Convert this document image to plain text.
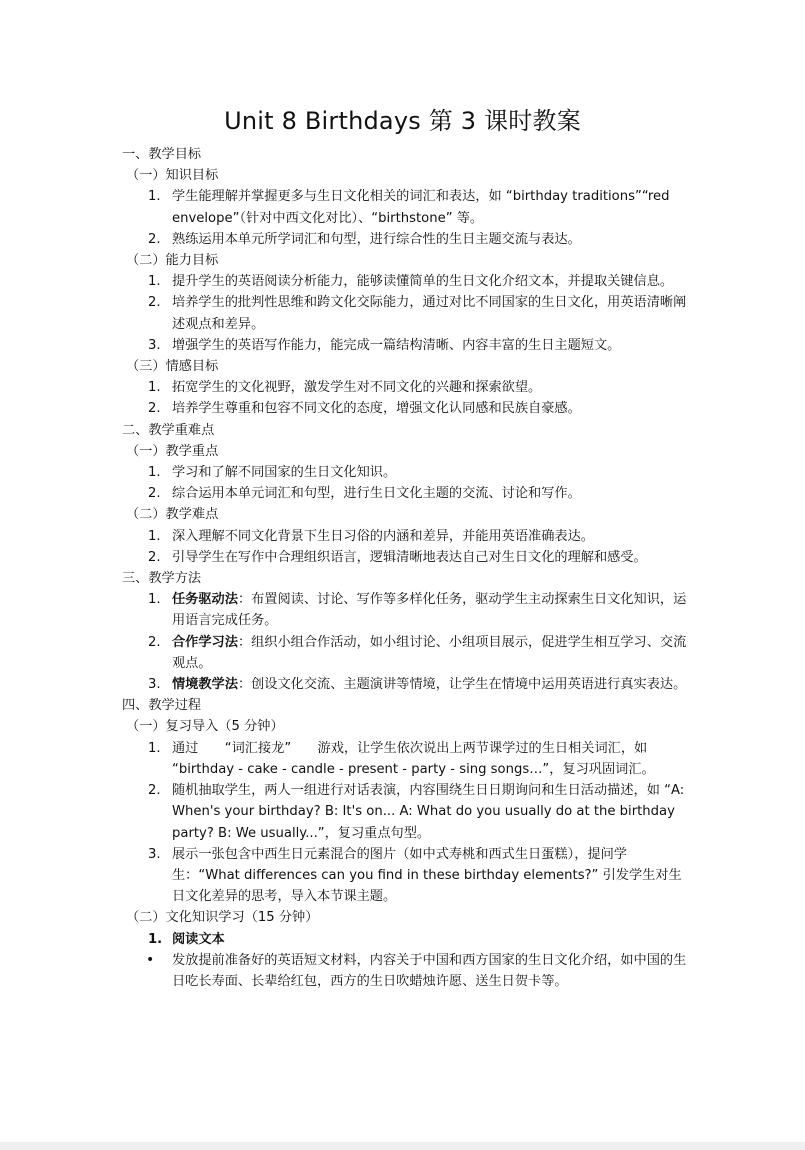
Unit 8 Birthdays 第 3 课时教案

一、教学目标

（一）知识目标

1. 学生能理解并掌握更多与生日文化相关的词汇和表达，如 “birthday traditions”“red envelope”（针对中西文化对比）、“birthstone” 等。
2. 熟练运用本单元所学词汇和句型，进行综合性的生日主题交流与表达。

（二）能力目标

1. 提升学生的英语阅读分析能力，能够读懂简单的生日文化介绍文本，并提取关键信息。
2. 培养学生的批判性思维和跨文化交际能力，通过对比不同国家的生日文化，用英语清晰阐述观点和差异。
3. 增强学生的英语写作能力，能完成一篇结构清晰、内容丰富的生日主题短文。

（三）情感目标

1. 拓宽学生的文化视野，激发学生对不同文化的兴趣和探索欲望。
2. 培养学生尊重和包容不同文化的态度，增强文化认同感和民族自豪感。

二、教学重难点

（一）教学重点

1. 学习和了解不同国家的生日文化知识。
2. 综合运用本单元词汇和句型，进行生日文化主题的交流、讨论和写作。

（二）教学难点

1. 深入理解不同文化背景下生日习俗的内涵和差异，并能用英语准确表达。
2. 引导学生在写作中合理组织语言，逻辑清晰地表达自己对生日文化的理解和感受。

三、教学方法

1. 任务驱动法：布置阅读、讨论、写作等多样化任务，驱动学生主动探索生日文化知识，运用语言完成任务。
2. 合作学习法：组织小组合作活动，如小组讨论、小组项目展示，促进学生相互学习、交流观点。
3. 情境教学法：创设文化交流、主题演讲等情境，让学生在情境中运用英语进行真实表达。

四、教学过程

（一）复习导入（5 分钟）

1. 通过　　“词汇接龙”　　游戏，让学生依次说出上两节课学过的生日相关词汇，如 “birthday - cake - candle - present - party - sing songs…”，复习巩固词汇。
2. 随机抽取学生，两人一组进行对话表演，内容围绕生日日期询问和生日活动描述，如 “A: When's your birthday? B: It's on... A: What do you usually do at the birthday party? B: We usually...”，复习重点句型。
3. 展示一张包含中西生日元素混合的图片（如中式寿桃和西式生日蛋糕），提问学生：“What differences can you find in these birthday elements?” 引发学生对生日文化差异的思考，导入本节课主题。

（二）文化知识学习（15 分钟）

1. 阅读文本
•	发放提前准备好的英语短文材料，内容关于中国和西方国家的生日文化介绍，如中国的生日吃长寿面、长辈给红包，西方的生日吹蜡烛许愿、送生日贺卡等。
